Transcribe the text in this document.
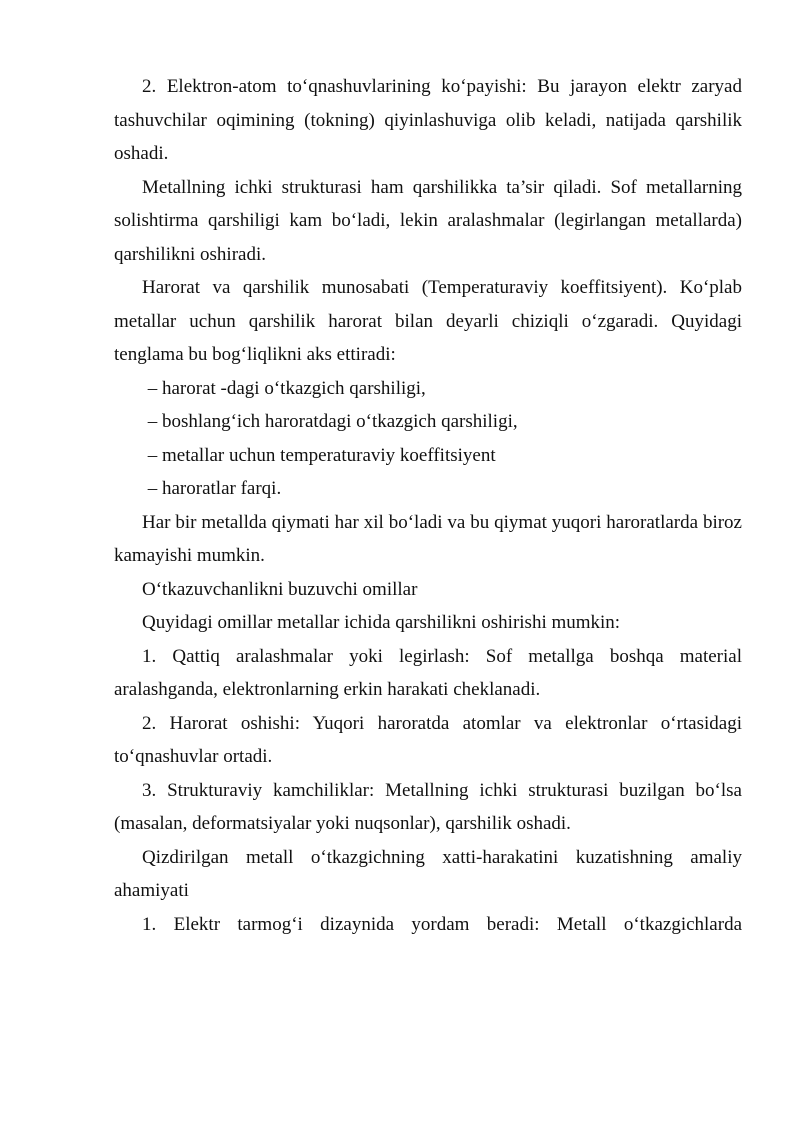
2. Elektron-atom to‘qnashuvlarining ko‘payishi: Bu jarayon elektr zaryad tashuvchilar oqimining (tokning) qiyinlashuviga olib keladi, natijada qarshilik oshadi.

Metallning ichki strukturasi ham qarshilikka ta’sir qiladi. Sof metallarning solishtirma qarshiligi kam bo‘ladi, lekin aralashmalar (legirlangan metallarda) qarshilikni oshiradi.

Harorat va qarshilik munosabati (Temperaturaviy koeffitsiyent). Ko‘plab metallar uchun qarshilik harorat bilan deyarli chiziqli o‘zgaradi. Quyidagi tenglama bu bog‘liqlikni aks ettiradi:

– harorat -dagi o‘tkazgich qarshiligi,

– boshlang‘ich haroratdagi o‘tkazgich qarshiligi,

– metallar uchun temperaturaviy koeffitsiyent

– haroratlar farqi.

Har bir metallda qiymati har xil bo‘ladi va bu qiymat yuqori haroratlarda biroz kamayishi mumkin.

O‘tkazuvchanlikni buzuvchi omillar

Quyidagi omillar metallar ichida qarshilikni oshirishi mumkin:

1. Qattiq aralashmalar yoki legirlash: Sof metallga boshqa material aralashganda, elektronlarning erkin harakati cheklanadi.

2. Harorat oshishi: Yuqori haroratda atomlar va elektronlar o‘rtasidagi to‘qnashuvlar ortadi.

3. Strukturaviy kamchiliklar: Metallning ichki strukturasi buzilgan bo‘lsa (masalan, deformatsiyalar yoki nuqsonlar), qarshilik oshadi.

Qizdirilgan metall o‘tkazgichning xatti-harakatini kuzatishning amaliy ahamiyati

1. Elektr tarmog‘i dizaynida yordam beradi: Metall o‘tkazgichlarda
